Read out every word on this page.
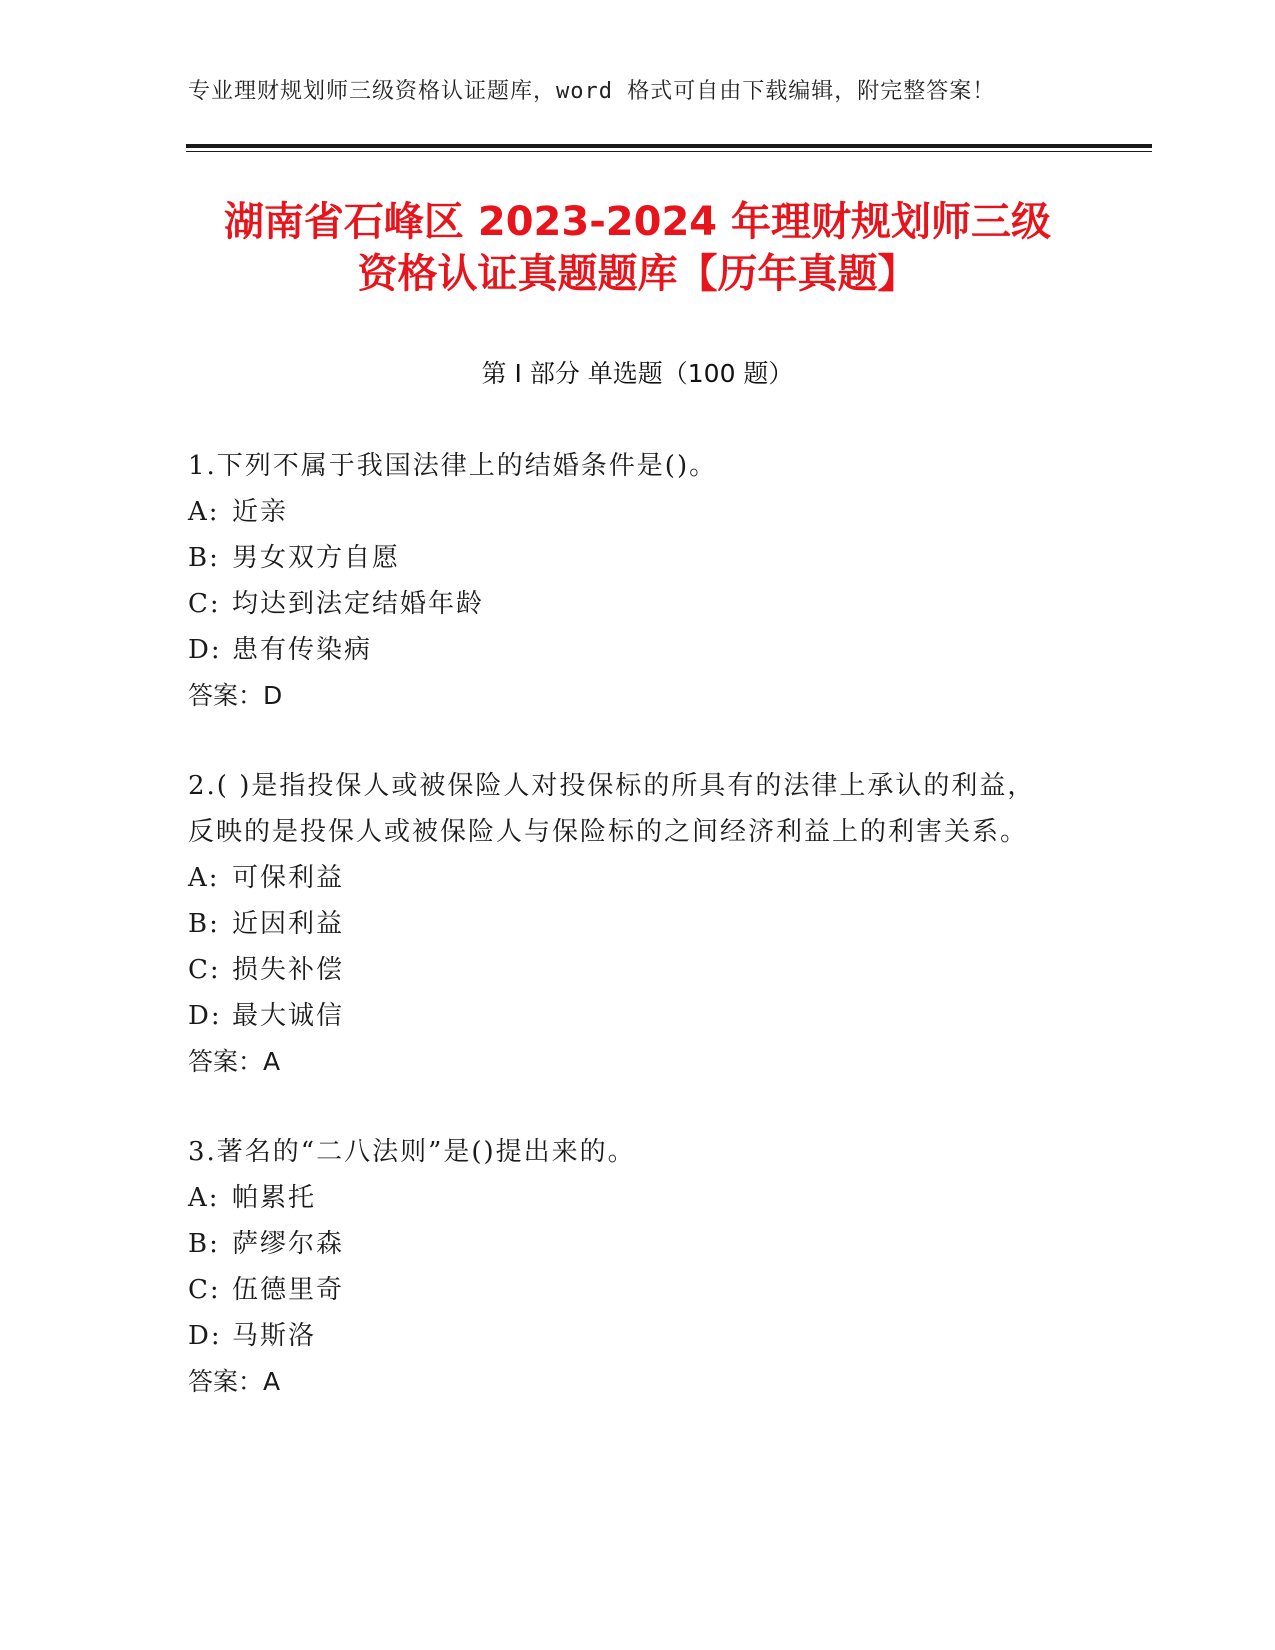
专业理财规划师三级资格认证题库，word 格式可自由下载编辑，附完整答案！
湖南省石峰区 2023-2024 年理财规划师三级
资格认证真题题库【历年真题】
第 I 部分 单选题（100 题）

1.下列不属于我国法律上的结婚条件是()。

A: 近亲

B: 男女双方自愿

C: 均达到法定结婚年龄

D: 患有传染病

答案：D

2.( )是指投保人或被保险人对投保标的所具有的法律上承认的利益，

反映的是投保人或被保险人与保险标的之间经济利益上的利害关系。

A: 可保利益

B: 近因利益

C: 损失补偿

D: 最大诚信

答案：A

3.著名的“二八法则”是()提出来的。

A: 帕累托

B: 萨缪尔森

C: 伍德里奇

D: 马斯洛

答案：A
